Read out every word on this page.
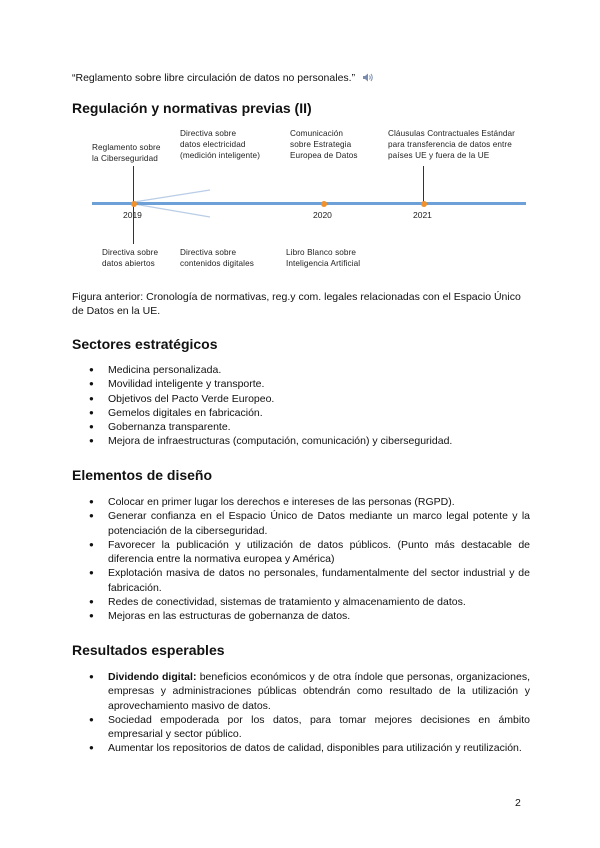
“Reglamento sobre libre circulación de datos no personales.”
Regulación y normativas previas (II)
Reglamento sobre
la Ciberseguridad
Directiva sobre
datos electricidad
(medición inteligente)
Comunicación
sobre Estrategia
Europea de Datos
Cláusulas Contractuales Estándar
para transferencia de datos entre
países UE y fuera de la UE
2019	2020	2021
Directiva sobre
datos abiertos
Directiva sobre
contenidos digitales
Libro Blanco sobre
Inteligencia Artificial
Figura anterior: Cronología de normativas, reg.y com. legales relacionadas con el Espacio Único de Datos en la UE.
Sectores estratégicos
● Medicina personalizada.
● Movilidad inteligente y transporte.
● Objetivos del Pacto Verde Europeo.
● Gemelos digitales en fabricación.
● Gobernanza transparente.
● Mejora de infraestructuras (computación, comunicación) y ciberseguridad.
Elementos de diseño
● Colocar en primer lugar los derechos e intereses de las personas (RGPD).
● Generar confianza en el Espacio Único de Datos mediante un marco legal potente y la potenciación de la ciberseguridad.
● Favorecer la publicación y utilización de datos públicos. (Punto más destacable de diferencia entre la normativa europea y América)
● Explotación masiva de datos no personales, fundamentalmente del sector industrial y de fabricación.
● Redes de conectividad, sistemas de tratamiento y almacenamiento de datos.
● Mejoras en las estructuras de gobernanza de datos.
Resultados esperables
● Dividendo digital: beneficios económicos y de otra índole que personas, organizaciones, empresas y administraciones públicas obtendrán como resultado de la utilización y aprovechamiento masivo de datos.
● Sociedad empoderada por los datos, para tomar mejores decisiones en ámbito empresarial y sector público.
● Aumentar los repositorios de datos de calidad, disponibles para utilización y reutilización.
2
